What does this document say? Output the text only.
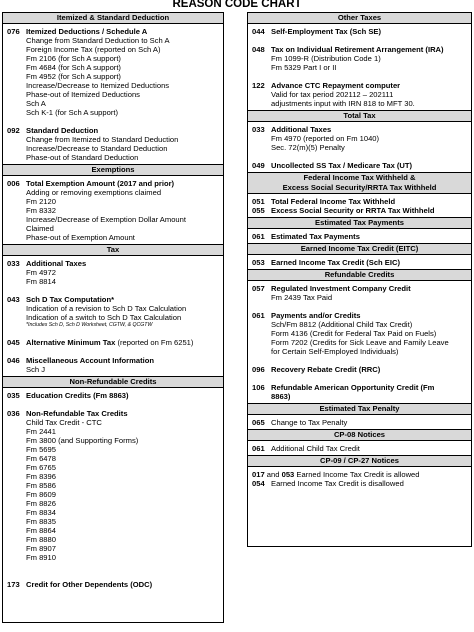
REASON CODE CHART
Itemized & Standard Deduction
076 Itemized Deductions / Schedule A
Change from Standard Deduction to Sch A
Foreign Income Tax (reported on Sch A)
Fm 2106 (for Sch A support)
Fm 4684 (for Sch A support)
Fm 4952 (for Sch A support)
Increase/Decrease to Itemized Deductions
Phase-out of Itemized Deductions
Sch A
Sch K-1 (for Sch A support)
092 Standard Deduction
Change from Itemized to Standard Deduction
Increase/Decrease to Standard Deduction
Phase-out of Standard Deduction
Exemptions
006 Total Exemption Amount (2017 and prior)
Adding or removing exemptions claimed
Fm 2120
Fm 8332
Increase/Decrease of Exemption Dollar Amount
Claimed
Phase-out of Exemption Amount
Tax
033 Additional Taxes
Fm 4972
Fm 8814
043 Sch D Tax Computation*
Indication of a revision to Sch D Tax Calculation
Indication of a switch to Sch D Tax Calculation
*Includes Sch D, Sch D Worksheet, CGTW, & QCGTW
045 Alternative Minimum Tax (reported on Fm 6251)
046 Miscellaneous Account Information
Sch J
Non-Refundable Credits
035 Education Credits (Fm 8863)
036 Non-Refundable Tax Credits
Child Tax Credit - CTC
Fm 2441
Fm 3800 (and Supporting Forms)
Fm 5695
Fm 6478
Fm 6765
Fm 8396
Fm 8586
Fm 8609
Fm 8826
Fm 8834
Fm 8835
Fm 8864
Fm 8880
Fm 8907
Fm 8910
173 Credit for Other Dependents (ODC)
Other Taxes
044 Self-Employment Tax (Sch SE)
048 Tax on Individual Retirement Arrangement (IRA)
Fm 1099-R (Distribution Code 1)
Fm 5329 Part I or II
122 Advance CTC Repayment computer
Valid for tax period 202112 – 202111
adjustments input with IRN 818 to MFT 30.
Total Tax
033 Additional Taxes
Fm 4970 (reported on Fm 1040)
Sec. 72(m)(5) Penalty
049 Uncollected SS Tax / Medicare Tax (UT)
Federal Income Tax Withheld &
Excess Social Security/RRTA Tax Withheld
051 Total Federal Income Tax Withheld
055 Excess Social Security or RRTA Tax Withheld
Estimated Tax Payments
061 Estimated Tax Payments
Earned Income Tax Credit (EITC)
053 Earned Income Tax Credit (Sch EIC)
Refundable Credits
057 Regulated Investment Company Credit
Fm 2439 Tax Paid
061 Payments and/or Credits
Sch/Fm 8812 (Additional Child Tax Credit)
Form 4136 (Credit for Federal Tax Paid on Fuels)
Form 7202 (Credits for Sick Leave and Family Leave
for Certain Self-Employed Individuals)
096 Recovery Rebate Credit (RRC)
106 Refundable American Opportunity Credit (Fm
8863)
Estimated Tax Penalty
065 Change to Tax Penalty
CP-08 Notices
061 Additional Child Tax Credit
CP-09 / CP-27 Notices
017 and 053 Earned Income Tax Credit is allowed
054 Earned Income Tax Credit is disallowed
